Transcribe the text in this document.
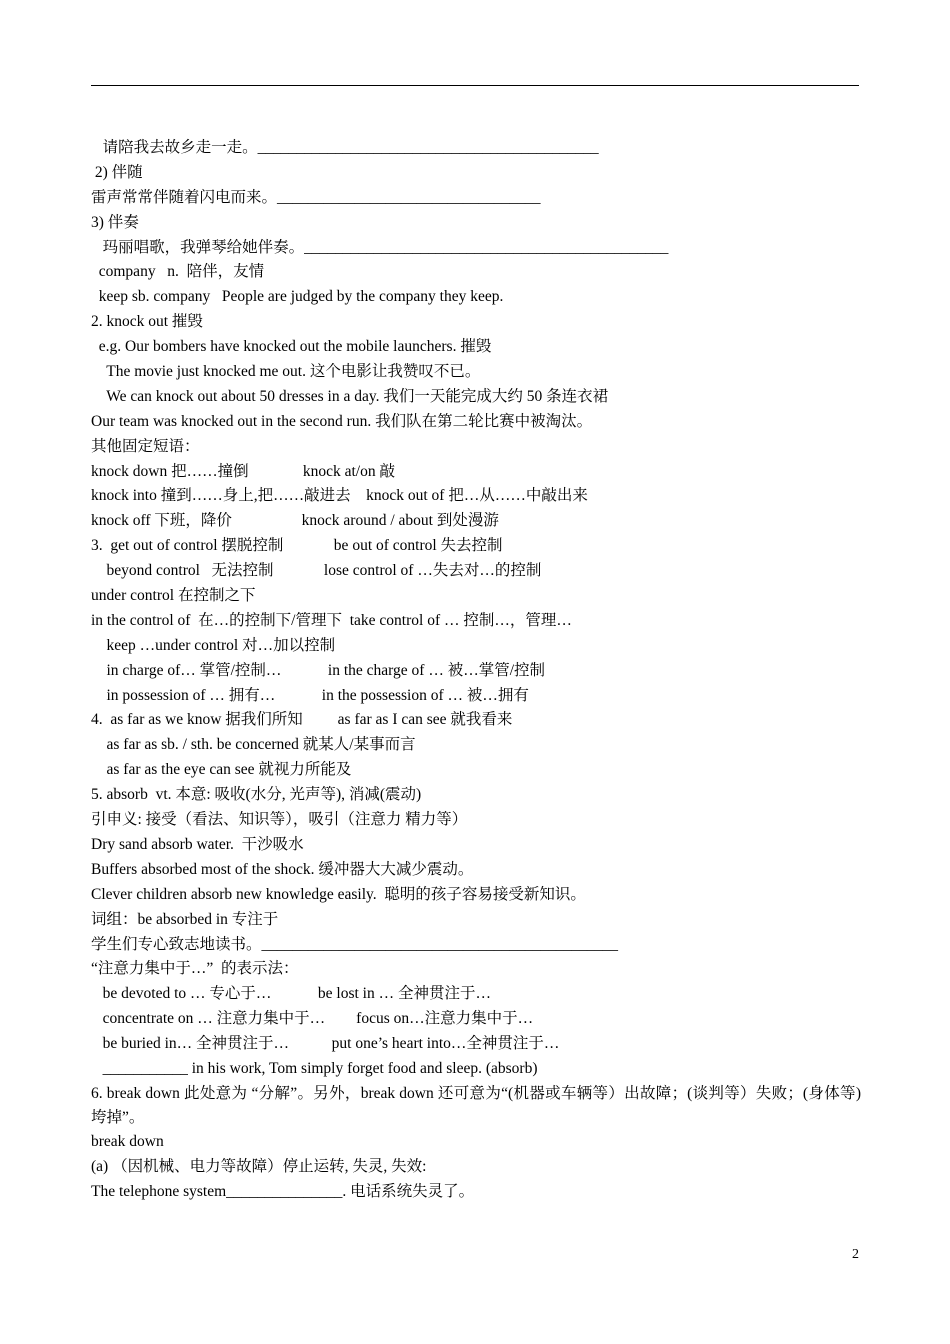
请陪我去故乡走一走。____________________________________________
2) 伴随
雷声常常伴随着闪电而来。__________________________________
3) 伴奏
玛丽唱歌，我弹琴给她伴奏。_______________________________________________
company   n.  陪伴，友情
keep sb. company   People are judged by the company they keep.
2. knock out 摧毁
e.g. Our bombers have knocked out the mobile launchers. 摧毁
The movie just knocked me out. 这个电影让我赞叹不已。
We can knock out about 50 dresses in a day. 我们一天能完成大约 50 条连衣裙
Our team was knocked out in the second run. 我们队在第二轮比赛中被淘汰。
其他固定短语：
knock down 把……撞倒              knock at/on 敲
knock into 撞到……身上,把……敲进去    knock out of 把…从……中敲出来
knock off 下班，降价                  knock around / about 到处漫游
3.  get out of control 摆脱控制             be out of control 失去控制
beyond control   无法控制             lose control of …失去对…的控制
under control 在控制之下
in the control of  在…的控制下/管理下  take control of … 控制…，管理…
keep …under control 对…加以控制
in charge of… 掌管/控制…            in the charge of … 被…掌管/控制
in possession of … 拥有…            in the possession of … 被…拥有
4.  as far as we know 据我们所知         as far as I can see 就我看来
as far as sb. / sth. be concerned 就某人/某事而言
as far as the eye can see 就视力所能及
5. absorb  vt. 本意: 吸收(水分, 光声等), 消减(震动)
引申义: 接受（看法、知识等），吸引（注意力 精力等）
Dry sand absorb water.  干沙吸水
Buffers absorbed most of the shock. 缓冲器大大减少震动。
Clever children absorb new knowledge easily.  聪明的孩子容易接受新知识。
词组：be absorbed in 专注于
学生们专心致志地读书。______________________________________________
“注意力集中于…”  的表示法：
be devoted to … 专心于…            be lost in … 全神贯注于…
concentrate on … 注意力集中于…        focus on…注意力集中于…
be buried in… 全神贯注于…           put one’s heart into…全神贯注于…
___________ in his work, Tom simply forget food and sleep. (absorb)
6. break down 此处意为 “分解”。另外，break down 还可意为“(机器或车辆等）出故障；(谈判等）失败；(身体等)垮掉”。
break down
(a) （因机械、电力等故障）停止运转, 失灵, 失效:
The telephone system_______________. 电话系统失灵了。
2
